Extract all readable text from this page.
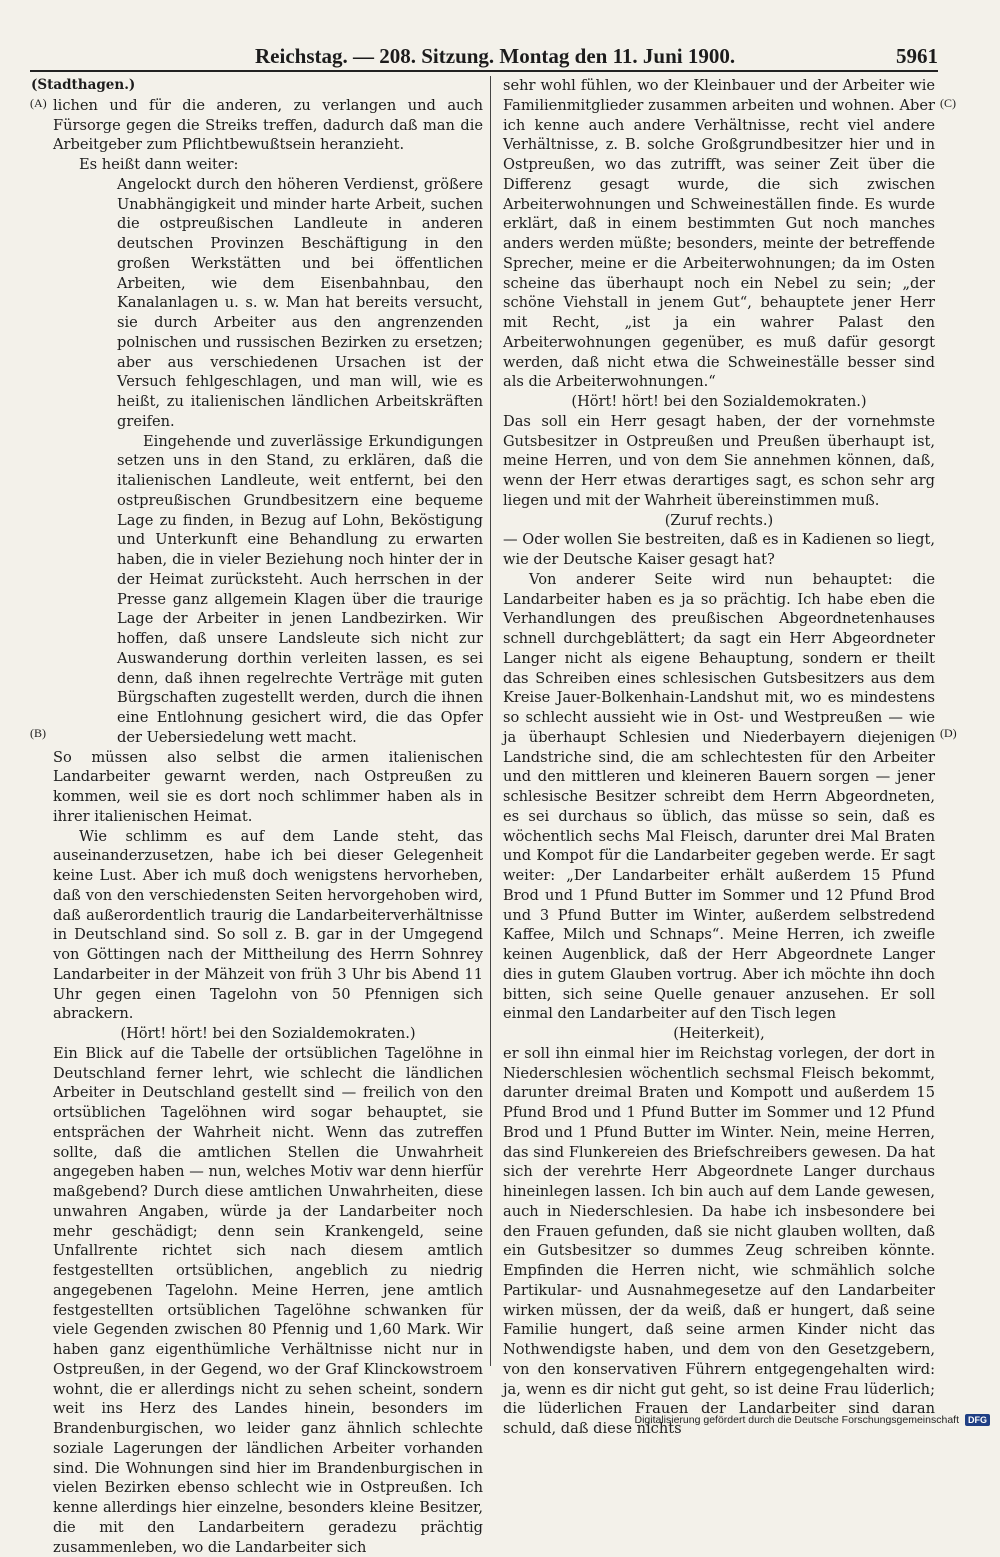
Reichstag. — 208. Sitzung. Montag den 11. Juni 1900.	5961
(A)
(B)
(C)
(D)
(Stadthagen.)

lichen und für die anderen, zu verlangen und auch Fürsorge gegen die Streiks treffen, dadurch daß man die Arbeitgeber zum Pflichtbewußtsein heranzieht.

Es heißt dann weiter:

Angelockt durch den höheren Verdienst, größere Unabhängigkeit und minder harte Arbeit, suchen die ostpreußischen Landleute in anderen deutschen Provinzen Beschäftigung in den großen Werkstätten und bei öffentlichen Arbeiten, wie dem Eisenbahnbau, den Kanalanlagen u. s. w. Man hat bereits versucht, sie durch Arbeiter aus den angrenzenden polnischen und russischen Bezirken zu ersetzen; aber aus verschiedenen Ursachen ist der Versuch fehlgeschlagen, und man will, wie es heißt, zu italienischen ländlichen Arbeitskräften greifen.

Eingehende und zuverlässige Erkundigungen setzen uns in den Stand, zu erklären, daß die italienischen Landleute, weit entfernt, bei den ostpreußischen Grundbesitzern eine bequeme Lage zu finden, in Bezug auf Lohn, Beköstigung und Unterkunft eine Behandlung zu erwarten haben, die in vieler Beziehung noch hinter der in der Heimat zurücksteht. Auch herrschen in der Presse ganz allgemein Klagen über die traurige Lage der Arbeiter in jenen Landbezirken. Wir hoffen, daß unsere Landsleute sich nicht zur Auswanderung dorthin verleiten lassen, es sei denn, daß ihnen regelrechte Verträge mit guten Bürgschaften zugestellt werden, durch die ihnen eine Entlohnung gesichert wird, die das Opfer der Uebersiedelung wett macht.

So müssen also selbst die armen italienischen Landarbeiter gewarnt werden, nach Ostpreußen zu kommen, weil sie es dort noch schlimmer haben als in ihrer italienischen Heimat.

Wie schlimm es auf dem Lande steht, das auseinanderzusetzen, habe ich bei dieser Gelegenheit keine Lust. Aber ich muß doch wenigstens hervorheben, daß von den verschiedensten Seiten hervorgehoben wird, daß außerordentlich traurig die Landarbeiterverhältnisse in Deutschland sind. So soll z. B. gar in der Umgegend von Göttingen nach der Mittheilung des Herrn Sohnrey Landarbeiter in der Mähzeit von früh 3 Uhr bis Abend 11 Uhr gegen einen Tagelohn von 50 Pfennigen sich abrackern.

(Hört! hört! bei den Sozialdemokraten.)

Ein Blick auf die Tabelle der ortsüblichen Tagelöhne in Deutschland ferner lehrt, wie schlecht die ländlichen Arbeiter in Deutschland gestellt sind — freilich von den ortsüblichen Tagelöhnen wird sogar behauptet, sie entsprächen der Wahrheit nicht. Wenn das zutreffen sollte, daß die amtlichen Stellen die Unwahrheit angegeben haben — nun, welches Motiv war denn hierfür maßgebend? Durch diese amtlichen Unwahrheiten, diese unwahren Angaben, würde ja der Landarbeiter noch mehr geschädigt; denn sein Krankengeld, seine Unfallrente richtet sich nach diesem amtlich festgestellten ortsüblichen, angeblich zu niedrig angegebenen Tagelohn. Meine Herren, jene amtlich festgestellten ortsüblichen Tagelöhne schwanken für viele Gegenden zwischen 80 Pfennig und 1,60 Mark. Wir haben ganz eigenthümliche Verhältnisse nicht nur in Ostpreußen, in der Gegend, wo der Graf Klinckowstroem wohnt, die er allerdings nicht zu sehen scheint, sondern weit ins Herz des Landes hinein, besonders im Brandenburgischen, wo leider ganz ähnlich schlechte soziale Lagerungen der ländlichen Arbeiter vorhanden sind. Die Wohnungen sind hier im Brandenburgischen in vielen Bezirken ebenso schlecht wie in Ostpreußen. Ich kenne allerdings hier einzelne, besonders kleine Besitzer, die mit den Landarbeitern geradezu prächtig zusammenleben, wo die Landarbeiter sich

sehr wohl fühlen, wo der Kleinbauer und der Arbeiter wie Familienmitglieder zusammen arbeiten und wohnen. Aber ich kenne auch andere Verhältnisse, recht viel andere Verhältnisse, z. B. solche Großgrundbesitzer hier und in Ostpreußen, wo das zutrifft, was seiner Zeit über die Differenz gesagt wurde, die sich zwischen Arbeiterwohnungen und Schweineställen finde. Es wurde erklärt, daß in einem bestimmten Gut noch manches anders werden müßte; besonders, meinte der betreffende Sprecher, meine er die Arbeiterwohnungen; da im Osten scheine das überhaupt noch ein Nebel zu sein; „der schöne Viehstall in jenem Gut“, behauptete jener Herr mit Recht, „ist ja ein wahrer Palast den Arbeiterwohnungen gegenüber, es muß dafür gesorgt werden, daß nicht etwa die Schweineställe besser sind als die Arbeiterwohnungen.“

(Hört! hört! bei den Sozialdemokraten.)

Das soll ein Herr gesagt haben, der der vornehmste Gutsbesitzer in Ostpreußen und Preußen überhaupt ist, meine Herren, und von dem Sie annehmen können, daß, wenn der Herr etwas derartiges sagt, es schon sehr arg liegen und mit der Wahrheit übereinstimmen muß.

(Zuruf rechts.)

— Oder wollen Sie bestreiten, daß es in Kadienen so liegt, wie der Deutsche Kaiser gesagt hat?

Von anderer Seite wird nun behauptet: die Landarbeiter haben es ja so prächtig. Ich habe eben die Verhandlungen des preußischen Abgeordnetenhauses schnell durchgeblättert; da sagt ein Herr Abgeordneter Langer nicht als eigene Behauptung, sondern er theilt das Schreiben eines schlesischen Gutsbesitzers aus dem Kreise Jauer-Bolkenhain-Landshut mit, wo es mindestens so schlecht aussieht wie in Ost- und Westpreußen — wie ja überhaupt Schlesien und Niederbayern diejenigen Landstriche sind, die am schlechtesten für den Arbeiter und den mittleren und kleineren Bauern sorgen — jener schlesische Besitzer schreibt dem Herrn Abgeordneten, es sei durchaus so üblich, das müsse so sein, daß es wöchentlich sechs Mal Fleisch, darunter drei Mal Braten und Kompot für die Landarbeiter gegeben werde. Er sagt weiter: „Der Landarbeiter erhält außerdem 15 Pfund Brod und 1 Pfund Butter im Sommer und 12 Pfund Brod und 3 Pfund Butter im Winter, außerdem selbstredend Kaffee, Milch und Schnaps“. Meine Herren, ich zweifle keinen Augenblick, daß der Herr Abgeordnete Langer dies in gutem Glauben vortrug. Aber ich möchte ihn doch bitten, sich seine Quelle genauer anzusehen. Er soll einmal den Landarbeiter auf den Tisch legen

(Heiterkeit),

er soll ihn einmal hier im Reichstag vorlegen, der dort in Niederschlesien wöchentlich sechsmal Fleisch bekommt, darunter dreimal Braten und Kompott und außerdem 15 Pfund Brod und 1 Pfund Butter im Sommer und 12 Pfund Brod und 1 Pfund Butter im Winter. Nein, meine Herren, das sind Flunkereien des Briefschreibers gewesen. Da hat sich der verehrte Herr Abgeordnete Langer durchaus hineinlegen lassen. Ich bin auch auf dem Lande gewesen, auch in Niederschlesien. Da habe ich insbesondere bei den Frauen gefunden, daß sie nicht glauben wollten, daß ein Gutsbesitzer so dummes Zeug schreiben könnte. Empfinden die Herren nicht, wie schmählich solche Partikular- und Ausnahmegesetze auf den Landarbeiter wirken müssen, der da weiß, daß er hungert, daß seine Familie hungert, daß seine armen Kinder nicht das Nothwendigste haben, und dem von den Gesetzgebern, von den konservativen Führern entgegengehalten wird: ja, wenn es dir nicht gut geht, so ist deine Frau lüderlich; die lüderlichen Frauen der Landarbeiter sind daran schuld, daß diese nichts

Digitalisierung gefördert durch die Deutsche Forschungsgemeinschaft	DFG
